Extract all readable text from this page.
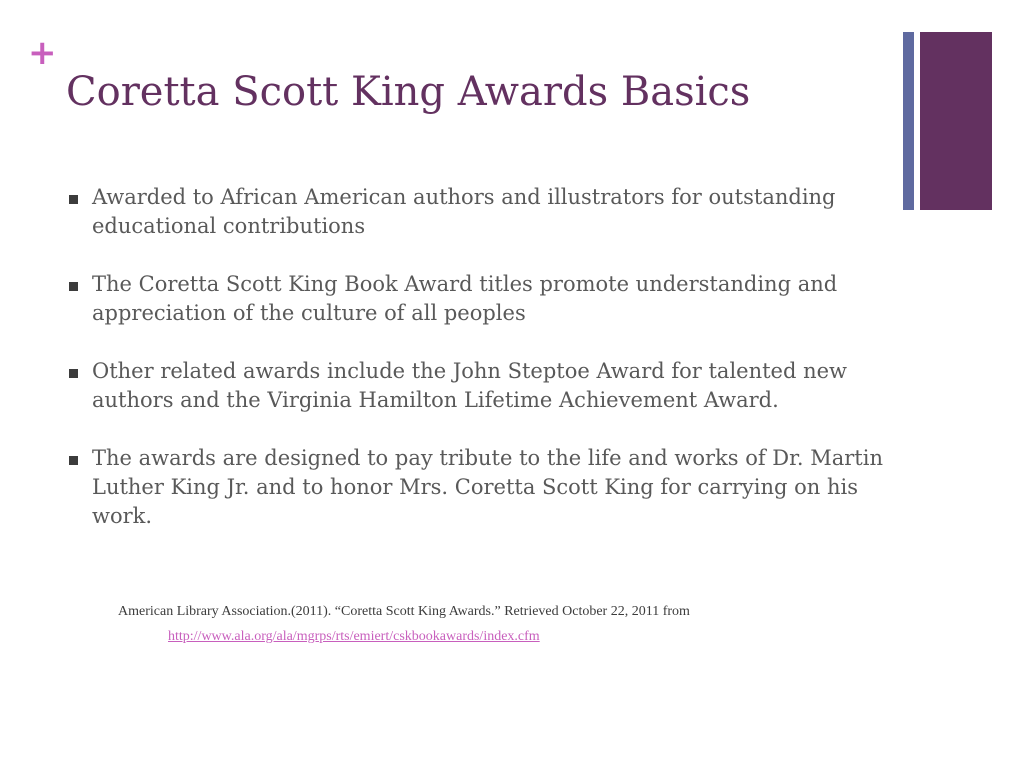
+
Coretta Scott King Awards Basics
Awarded to African American authors and illustrators for outstanding educational contributions
The Coretta Scott King Book Award titles promote understanding and appreciation of the culture of all peoples
Other related awards include the John Steptoe Award for talented new authors and the Virginia Hamilton Lifetime Achievement Award.
The awards are designed to pay tribute to the life and works of Dr. Martin Luther King Jr. and to honor Mrs. Coretta Scott King for carrying on his work.
American Library Association.(2011). “Coretta Scott King Awards.” Retrieved October 22, 2011 from
http://www.ala.org/ala/mgrps/rts/emiert/cskbookawards/index.cfm
